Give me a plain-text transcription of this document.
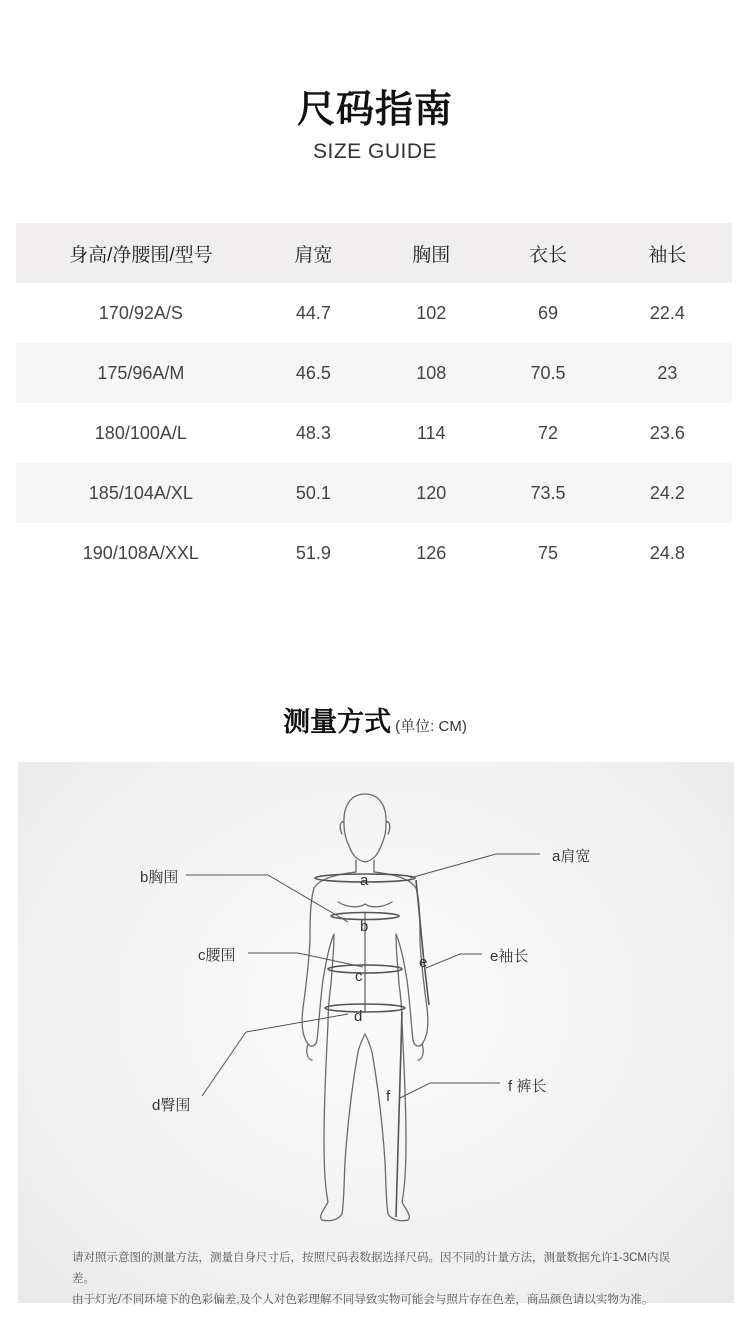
尺码指南
SIZE GUIDE
身高/净腰围/型号	肩宽	胸围	衣长	袖长
170/92A/S	44.7	102	69	22.4
175/96A/M	46.5	108	70.5	23
180/100A/L	48.3	114	72	23.6
185/104A/XL	50.1	120	73.5	24.2
190/108A/XXL	51.9	126	75	24.8
测量方式 (单位: CM)
a
b
c
d
e
f
a肩宽
b胸围
c腰围
d臀围
e袖长
f 裤长
请对照示意图的测量方法，测量自身尺寸后，按照尺码表数据选择尺码。因不同的计量方法，测量数据允许1-3CM内误差。
由于灯光/不同环境下的色彩偏差,及个人对色彩理解不同导致实物可能会与照片存在色差，商品颜色请以实物为准。
